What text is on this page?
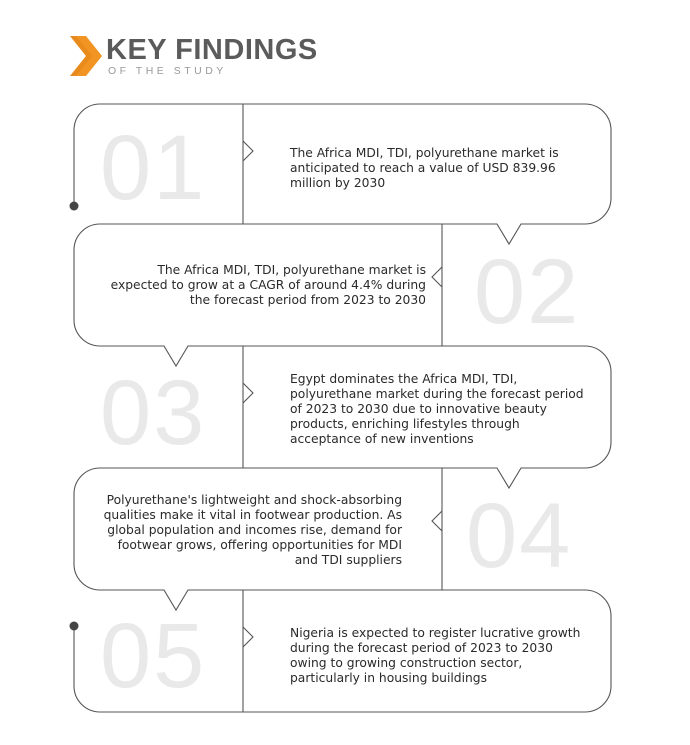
KEY FINDINGS
OF THE STUDY
01	The Africa MDI, TDI, polyurethane market is anticipated to reach a value of USD 839.96 million by 2030
02
The Africa MDI, TDI, polyurethane market is expected to grow at a CAGR of around 4.4% during the forecast period from 2023 to 2030
03	Egypt dominates the Africa MDI, TDI, polyurethane market during the forecast period of 2023 to 2030 due to innovative beauty products, enriching lifestyles through acceptance of new inventions
04
Polyurethane's lightweight and shock-absorbing qualities make it vital in footwear production. As global population and incomes rise, demand for footwear grows, offering opportunities for MDI and TDI suppliers
05	Nigeria is expected to register lucrative growth during the forecast period of 2023 to 2030 owing to growing construction sector, particularly in housing buildings
